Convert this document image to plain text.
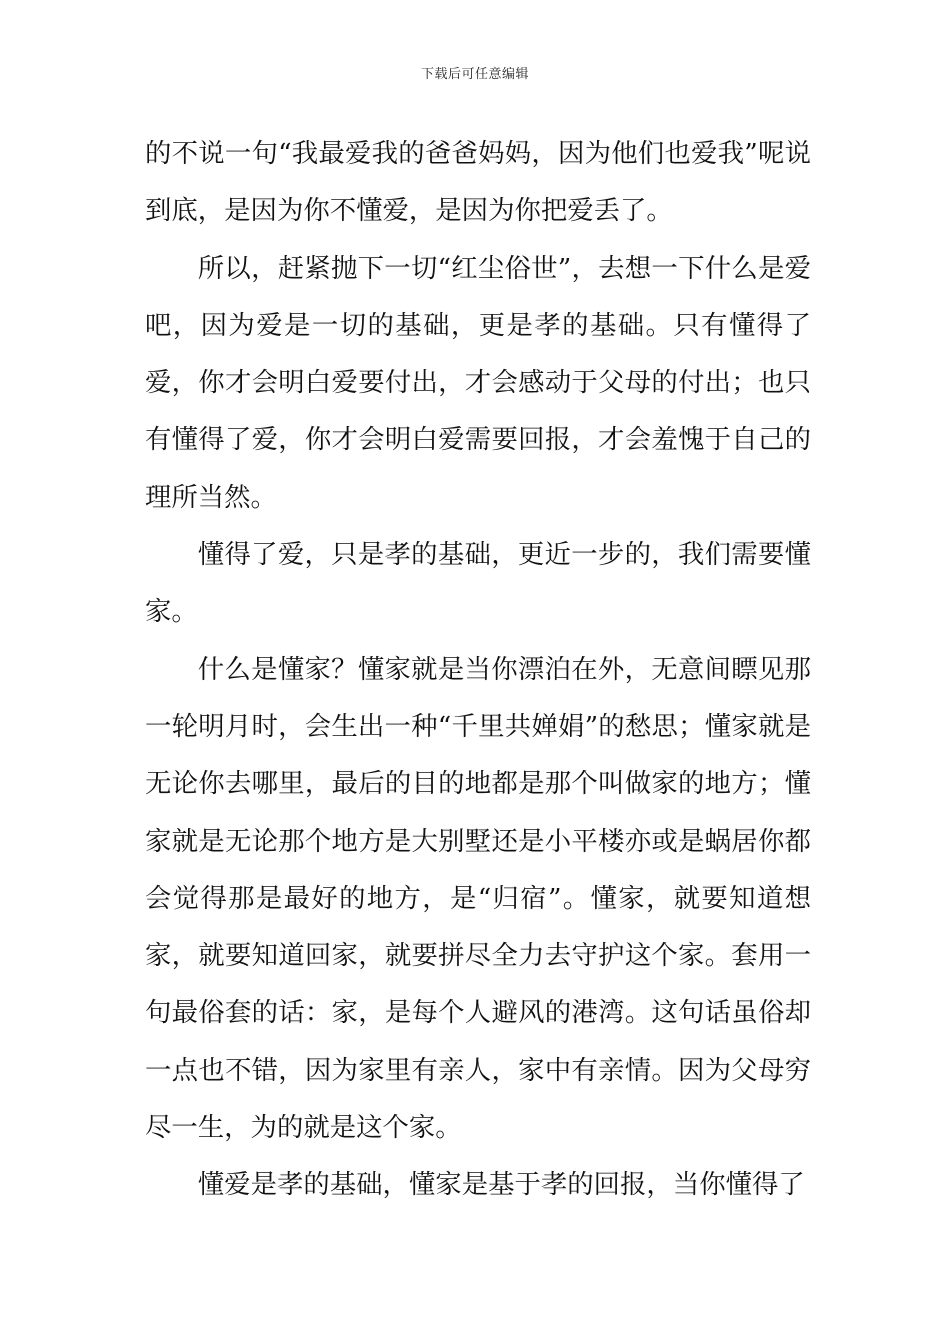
下载后可任意编辑

的不说一句“我最爱我的爸爸妈妈，因为他们也爱我”呢说到底，是因为你不懂爱，是因为你把爱丢了。

所以，赶紧抛下一切“红尘俗世”，去想一下什么是爱吧，因为爱是一切的基础，更是孝的基础。只有懂得了爱，你才会明白爱要付出，才会感动于父母的付出；也只有懂得了爱，你才会明白爱需要回报，才会羞愧于自己的理所当然。

懂得了爱，只是孝的基础，更近一步的，我们需要懂家。

什么是懂家？懂家就是当你漂泊在外，无意间瞟见那一轮明月时，会生出一种“千里共婵娟”的愁思；懂家就是无论你去哪里，最后的目的地都是那个叫做家的地方；懂家就是无论那个地方是大别墅还是小平楼亦或是蜗居你都会觉得那是最好的地方，是“归宿”。懂家，就要知道想家，就要知道回家，就要拼尽全力去守护这个家。套用一句最俗套的话：家，是每个人避风的港湾。这句话虽俗却一点也不错，因为家里有亲人，家中有亲情。因为父母穷尽一生，为的就是这个家。

懂爱是孝的基础，懂家是基于孝的回报，当你懂得了
